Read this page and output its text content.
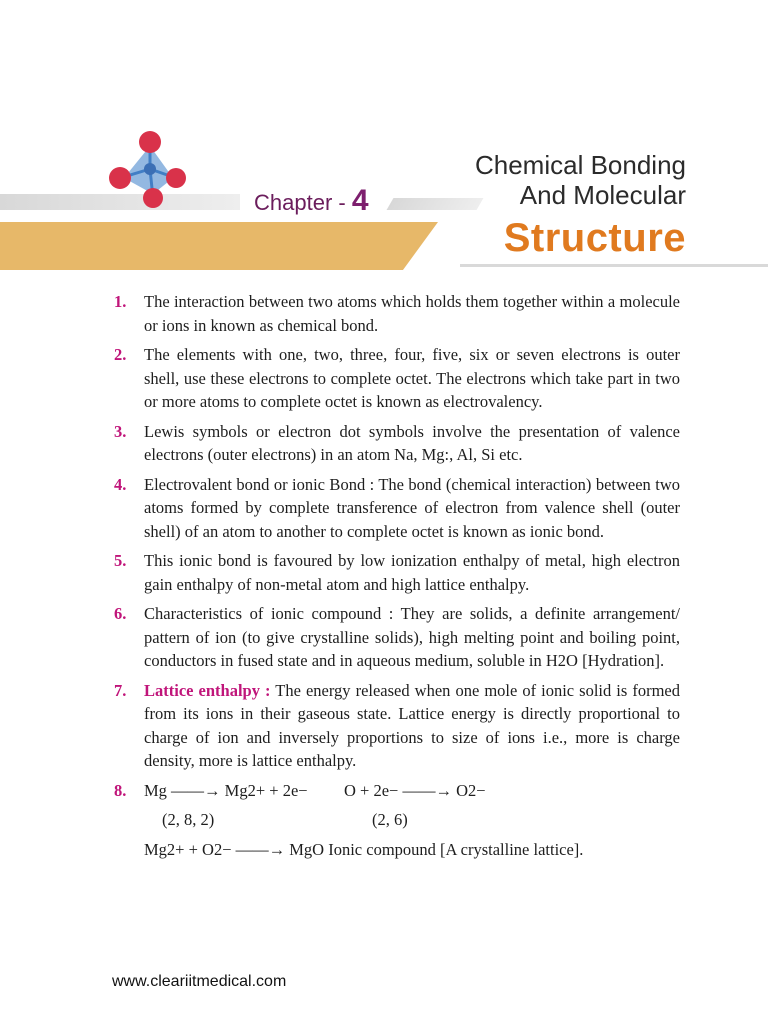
Chapter - 4
Chemical Bonding
And Molecular
Structure
1.	The interaction between two atoms which holds them together within a molecule or ions in known as chemical bond.
2.	The elements with one, two, three, four, five, six or seven electrons is outer shell, use these electrons to complete octet. The electrons which take part in two or more atoms to complete octet is known as electrovalency.
3.	Lewis symbols or electron dot symbols involve the presentation of valence electrons (outer electrons) in an atom Na, Mg:, Al, Si etc.
4.	Electrovalent bond or ionic Bond : The bond (chemical interaction) between two atoms formed by complete transference of electron from valence shell (outer shell) of an atom to another to complete octet is known as ionic bond.
5.	This ionic bond is favoured by low ionization enthalpy of metal, high electron gain enthalpy of non-metal atom and high lattice enthalpy.
6.	Characteristics of ionic compound : They are solids, a definite arrangement/ pattern of ion (to give crystalline solids), high melting point and boiling point, conductors in fused state and in aqueous medium, soluble in H2O [Hydration].
7.	Lattice enthalpy : The energy released when one mole of ionic solid is formed from its ions in their gaseous state. Lattice energy is directly proportional to charge of ion and inversely proportions to size of ions i.e., more is charge density, more is lattice enthalpy.
8.	Mg ——→ Mg2+ + 2e−	O + 2e− ——→ O2−
(2, 8, 2)	(2, 6)
Mg2+ + O2− ——→ MgO Ionic compound [A crystalline lattice].
www.cleariitmedical.com
